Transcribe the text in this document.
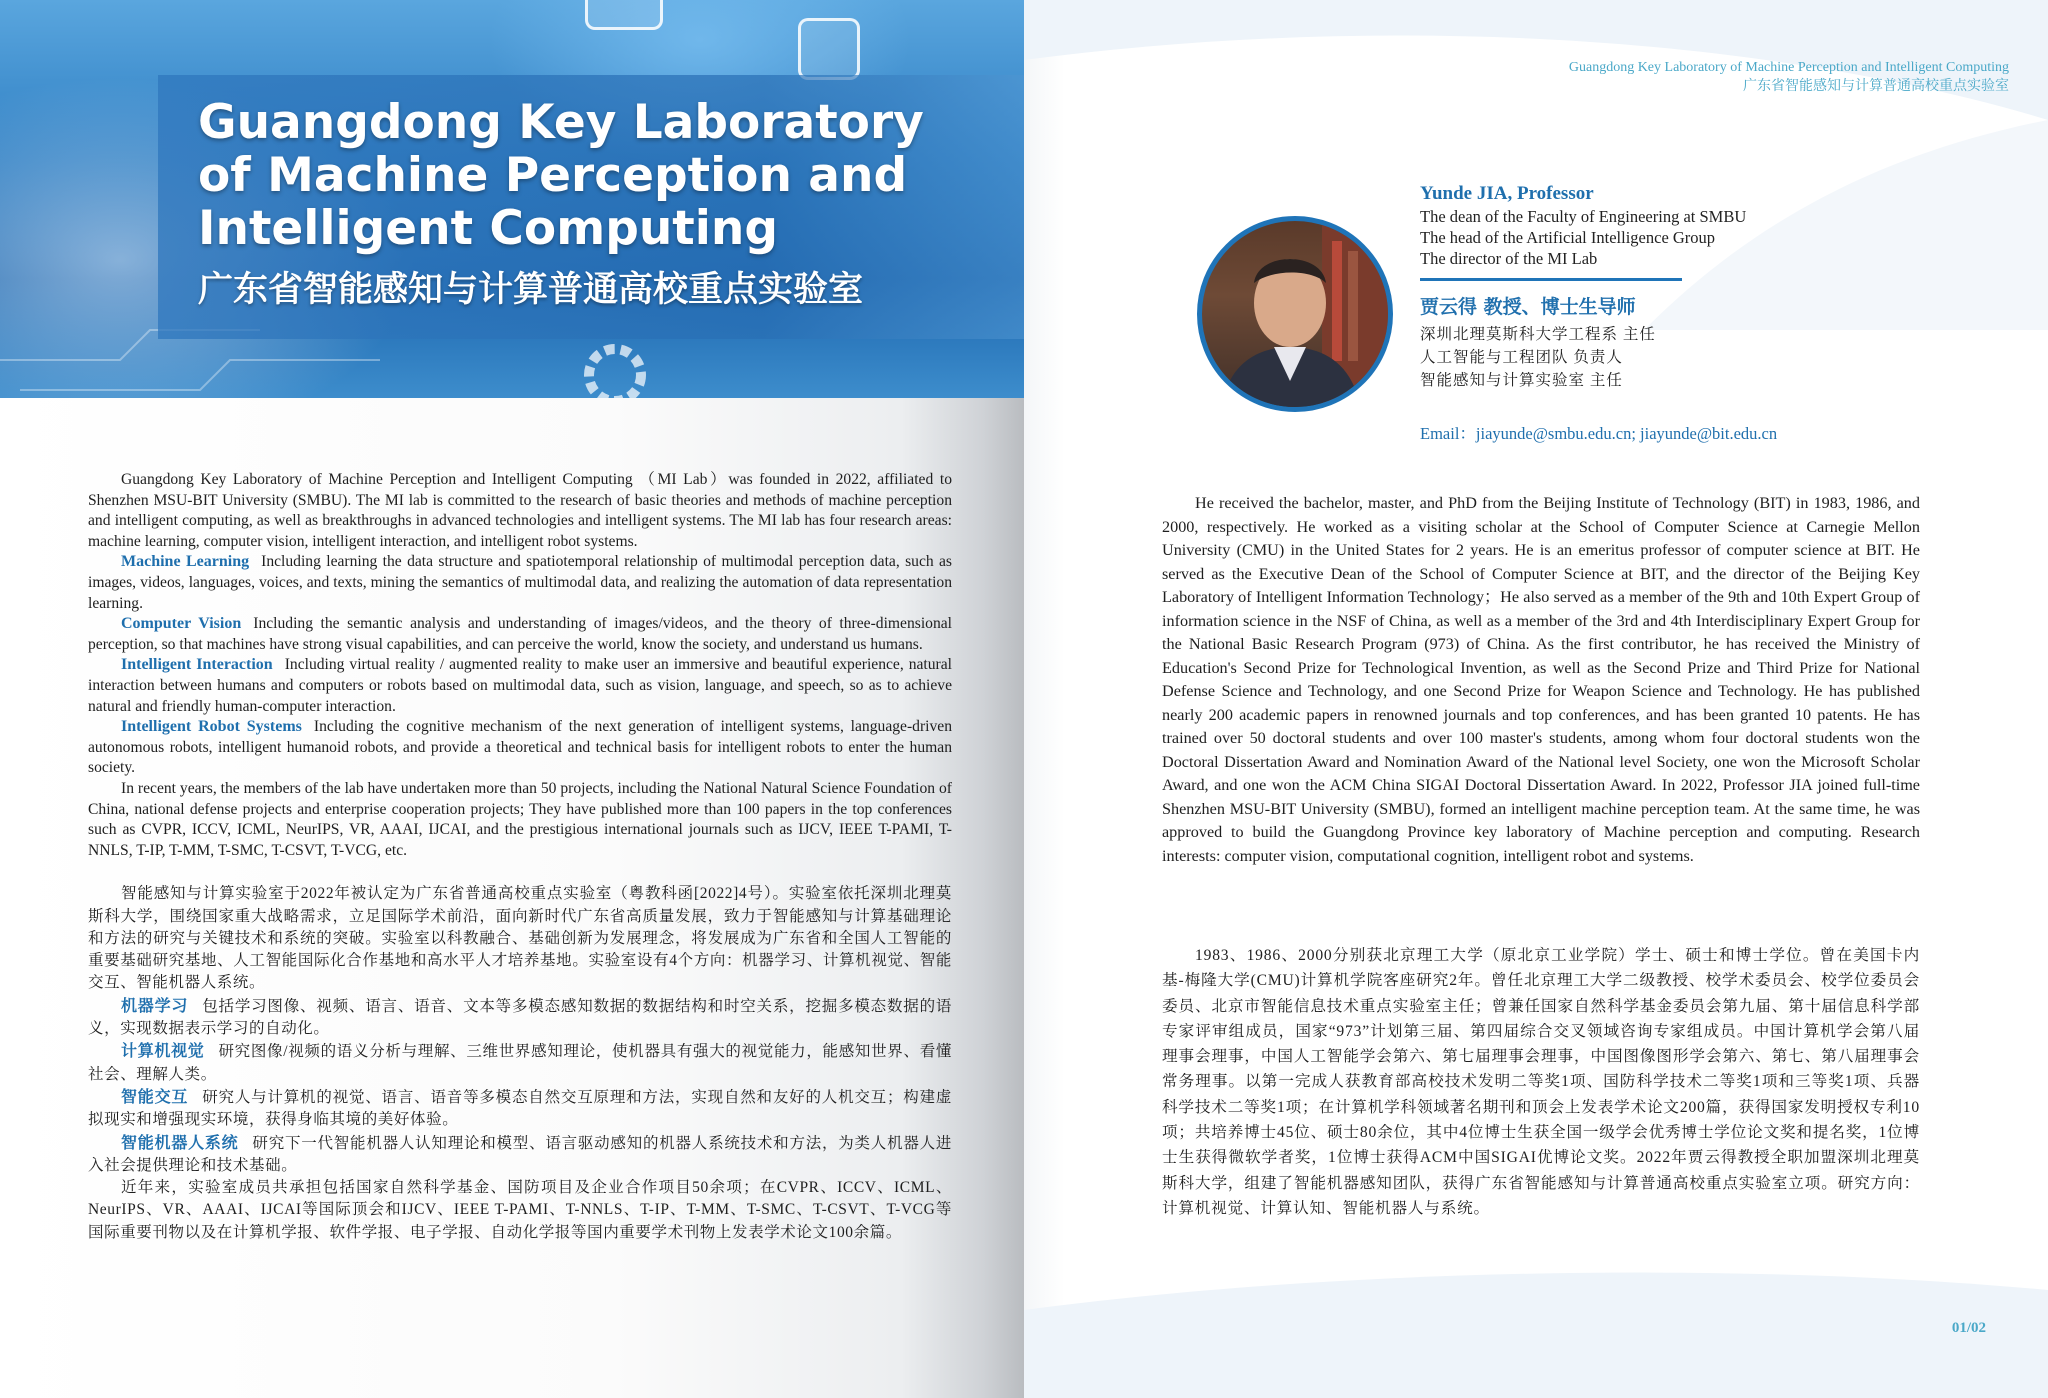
Guangdong Key Laboratory
of Machine Perception and
Intelligent Computing
广东省智能感知与计算普通高校重点实验室

Guangdong Key Laboratory of Machine Perception and Intelligent Computing （MI Lab）was founded in 2022, affiliated to Shenzhen MSU-BIT University (SMBU). The MI lab is committed to the research of basic theories and methods of machine perception and intelligent computing, as well as breakthroughs in advanced technologies and intelligent systems. The MI lab has four research areas: machine learning, computer vision, intelligent interaction, and intelligent robot systems.

Machine Learning Including learning the data structure and spatiotemporal relationship of multimodal perception data, such as images, videos, languages, voices, and texts, mining the semantics of multimodal data, and realizing the automation of data representation learning.

Computer Vision Including the semantic analysis and understanding of images/videos, and the theory of three-dimensional perception, so that machines have strong visual capabilities, and can perceive the world, know the society, and understand us humans.

Intelligent Interaction Including virtual reality / augmented reality to make user an immersive and beautiful experience, natural interaction between humans and computers or robots based on multimodal data, such as vision, language, and speech, so as to achieve natural and friendly human-computer interaction.

Intelligent Robot Systems Including the cognitive mechanism of the next generation of intelligent systems, language-driven autonomous robots, intelligent humanoid robots, and provide a theoretical and technical basis for intelligent robots to enter the human society.

In recent years, the members of the lab have undertaken more than 50 projects, including the National Natural Science Foundation of China, national defense projects and enterprise cooperation projects; They have published more than 100 papers in the top conferences such as CVPR, ICCV, ICML, NeurIPS, VR, AAAI, IJCAI, and the prestigious international journals such as IJCV, IEEE T-PAMI, T-NNLS, T-IP, T-MM, T-SMC, T-CSVT, T-VCG, etc.

智能感知与计算实验室于2022年被认定为广东省普通高校重点实验室（粤教科函[2022]4号）。实验室依托深圳北理莫斯科大学，围绕国家重大战略需求，立足国际学术前沿，面向新时代广东省高质量发展，致力于智能感知与计算基础理论和方法的研究与关键技术和系统的突破。实验室以科教融合、基础创新为发展理念，将发展成为广东省和全国人工智能的重要基础研究基地、人工智能国际化合作基地和高水平人才培养基地。实验室设有4个方向：机器学习、计算机视觉、智能交互、智能机器人系统。

机器学习 包括学习图像、视频、语言、语音、文本等多模态感知数据的数据结构和时空关系，挖掘多模态数据的语义，实现数据表示学习的自动化。

计算机视觉 研究图像/视频的语义分析与理解、三维世界感知理论，使机器具有强大的视觉能力，能感知世界、看懂社会、理解人类。

智能交互 研究人与计算机的视觉、语言、语音等多模态自然交互原理和方法，实现自然和友好的人机交互；构建虚拟现实和增强现实环境，获得身临其境的美好体验。

智能机器人系统 研究下一代智能机器人认知理论和模型、语言驱动感知的机器人系统技术和方法，为类人机器人进入社会提供理论和技术基础。

近年来，实验室成员共承担包括国家自然科学基金、国防项目及企业合作项目50余项；在CVPR、ICCV、ICML、NeurIPS、VR、AAAI、IJCAI等国际顶会和IJCV、IEEE T-PAMI、T-NNLS、T-IP、T-MM、T-SMC、T-CSVT、T-VCG等国际重要刊物以及在计算机学报、软件学报、电子学报、自动化学报等国内重要学术刊物上发表学术论文100余篇。

Guangdong Key Laboratory of Machine Perception and Intelligent Computing
广东省智能感知与计算普通高校重点实验室
Yunde JIA, Professor
The dean of the Faculty of Engineering at SMBU
The head of the Artificial Intelligence Group
The director of the MI Lab
贾云得 教授、博士生导师
深圳北理莫斯科大学工程系 主任
人工智能与工程团队 负责人
智能感知与计算实验室 主任
Email：jiayunde@smbu.edu.cn; jiayunde@bit.edu.cn

He received the bachelor, master, and PhD from the Beijing Institute of Technology (BIT) in 1983, 1986, and 2000, respectively. He worked as a visiting scholar at the School of Computer Science at Carnegie Mellon University (CMU) in the United States for 2 years. He is an emeritus professor of computer science at BIT. He served as the Executive Dean of the School of Computer Science at BIT, and the director of the Beijing Key Laboratory of Intelligent Information Technology；He also served as a member of the 9th and 10th Expert Group of information science in the NSF of China, as well as a member of the 3rd and 4th Interdisciplinary Expert Group for the National Basic Research Program (973) of China. As the first contributor, he has received the Ministry of Education's Second Prize for Technological Invention, as well as the Second Prize and Third Prize for National Defense Science and Technology, and one Second Prize for Weapon Science and Technology. He has published nearly 200 academic papers in renowned journals and top conferences, and has been granted 10 patents. He has trained over 50 doctoral students and over 100 master's students, among whom four doctoral students won the Doctoral Dissertation Award and Nomination Award of the National level Society, one won the Microsoft Scholar Award, and one won the ACM China SIGAI Doctoral Dissertation Award. In 2022, Professor JIA joined full-time Shenzhen MSU-BIT University (SMBU), formed an intelligent machine perception team. At the same time, he was approved to build the Guangdong Province key laboratory of Machine perception and computing. Research interests: computer vision, computational cognition, intelligent robot and systems.

1983、1986、2000分别获北京理工大学（原北京工业学院）学士、硕士和博士学位。曾在美国卡内基-梅隆大学(CMU)计算机学院客座研究2年。曾任北京理工大学二级教授、校学术委员会、校学位委员会委员、北京市智能信息技术重点实验室主任；曾兼任国家自然科学基金委员会第九届、第十届信息科学部专家评审组成员，国家“973”计划第三届、第四届综合交叉领域咨询专家组成员。中国计算机学会第八届理事会理事，中国人工智能学会第六、第七届理事会理事，中国图像图形学会第六、第七、第八届理事会常务理事。以第一完成人获教育部高校技术发明二等奖1项、国防科学技术二等奖1项和三等奖1项、兵器科学技术二等奖1项；在计算机学科领域著名期刊和顶会上发表学术论文200篇，获得国家发明授权专利10项；共培养博士45位、硕士80余位，其中4位博士生获全国一级学会优秀博士学位论文奖和提名奖，1位博士生获得微软学者奖，1位博士获得ACM中国SIGAI优博论文奖。2022年贾云得教授全职加盟深圳北理莫斯科大学，组建了智能机器感知团队，获得广东省智能感知与计算普通高校重点实验室立项。研究方向：计算机视觉、计算认知、智能机器人与系统。

01/02
